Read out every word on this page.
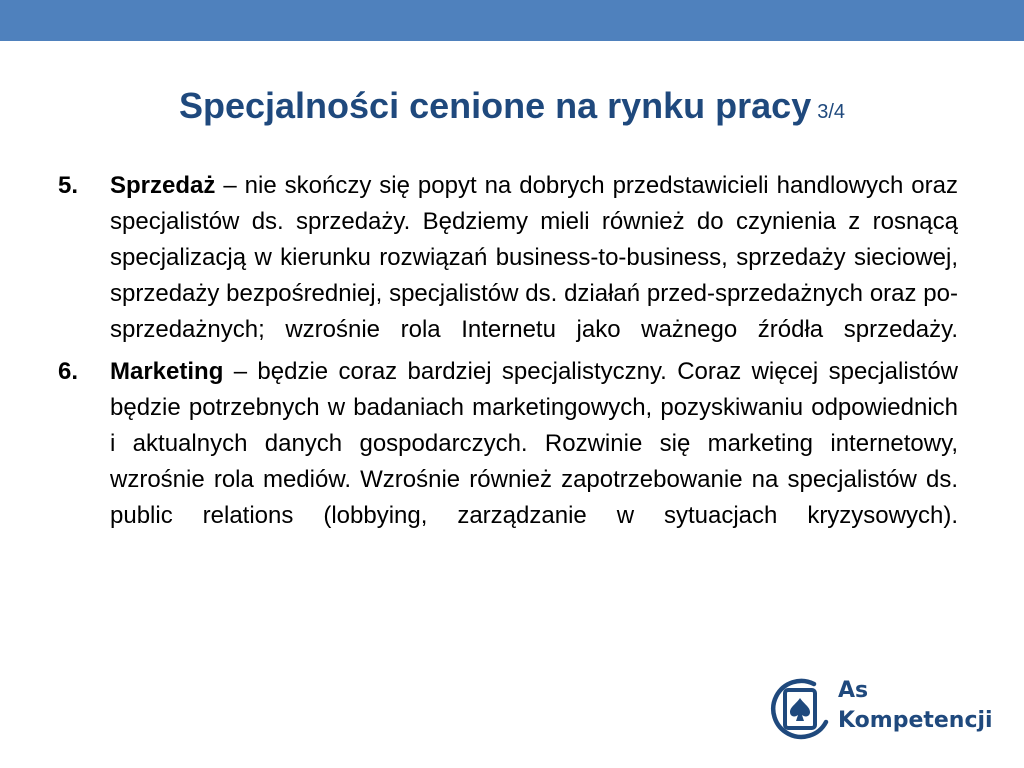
Specjalności cenione na rynku pracy 3/4
5.	Sprzedaż – nie skończy się popyt na dobrych przedstawicieli handlowych oraz specjalistów ds. sprzedaży. Będziemy mieli również do czynienia z rosnącą specjalizacją w kierunku rozwiązań business-to-business, sprzedaży sieciowej, sprzedaży bezpośredniej, specjalistów ds. działań przed-sprzedażnych oraz po-sprzedażnych; wzrośnie rola Internetu jako ważnego źródła sprzedaży.
6.	Marketing – będzie coraz bardziej specjalistyczny. Coraz więcej specjalistów będzie potrzebnych w badaniach marketingowych, pozyskiwaniu odpowiednich i aktualnych danych gospodarczych. Rozwinie się marketing internetowy, wzrośnie rola mediów. Wzrośnie również zapotrzebowanie na specjalistów ds. public relations (lobbying, zarządzanie w sytuacjach kryzysowych).
As
Kompetencji
